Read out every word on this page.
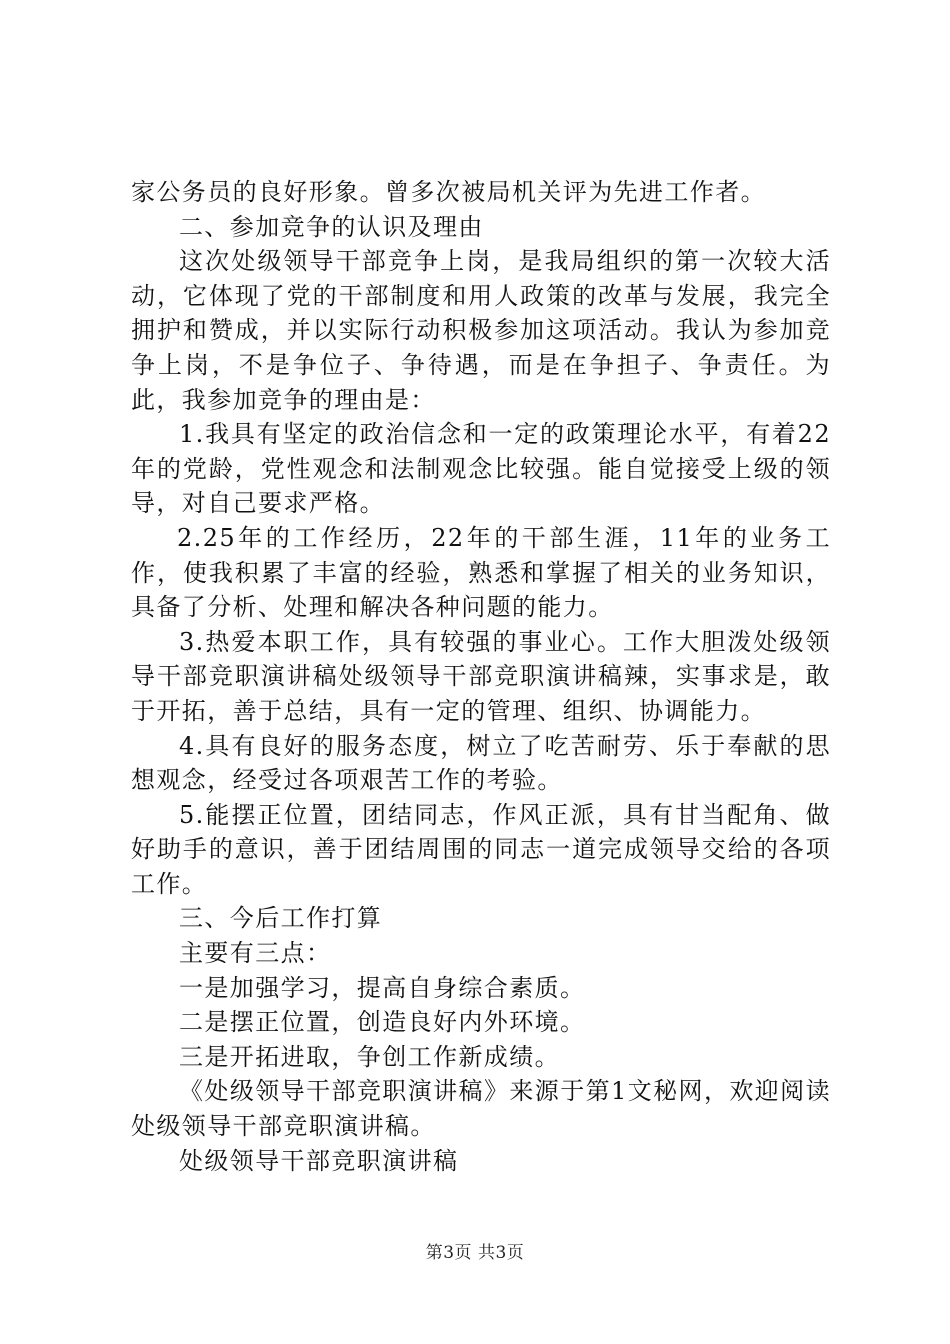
家公务员的良好形象。曾多次被局机关评为先进工作者。

二、参加竞争的认识及理由

这次处级领导干部竞争上岗，是我局组织的第一次较大活动，它体现了党的干部制度和用人政策的改革与发展，我完全拥护和赞成，并以实际行动积极参加这项活动。我认为参加竞争上岗，不是争位子、争待遇，而是在争担子、争责任。为此，我参加竞争的理由是：

1.我具有坚定的政治信念和一定的政策理论水平，有着22年的党龄，党性观念和法制观念比较强。能自觉接受上级的领导，对自己要求严格。

2.25年的工作经历，22年的干部生涯，11年的业务工作，使我积累了丰富的经验，熟悉和掌握了相关的业务知识，具备了分析、处理和解决各种问题的能力。

3.热爱本职工作，具有较强的事业心。工作大胆泼处级领导干部竞职演讲稿处级领导干部竞职演讲稿辣，实事求是，敢于开拓，善于总结，具有一定的管理、组织、协调能力。

4.具有良好的服务态度，树立了吃苦耐劳、乐于奉献的思想观念，经受过各项艰苦工作的考验。

5.能摆正位置，团结同志，作风正派，具有甘当配角、做好助手的意识，善于团结周围的同志一道完成领导交给的各项工作。

三、今后工作打算

主要有三点：

一是加强学习，提高自身综合素质。

二是摆正位置，创造良好内外环境。

三是开拓进取，争创工作新成绩。

《处级领导干部竞职演讲稿》来源于第1文秘网，欢迎阅读处级领导干部竞职演讲稿。

处级领导干部竞职演讲稿

第3页 共3页
